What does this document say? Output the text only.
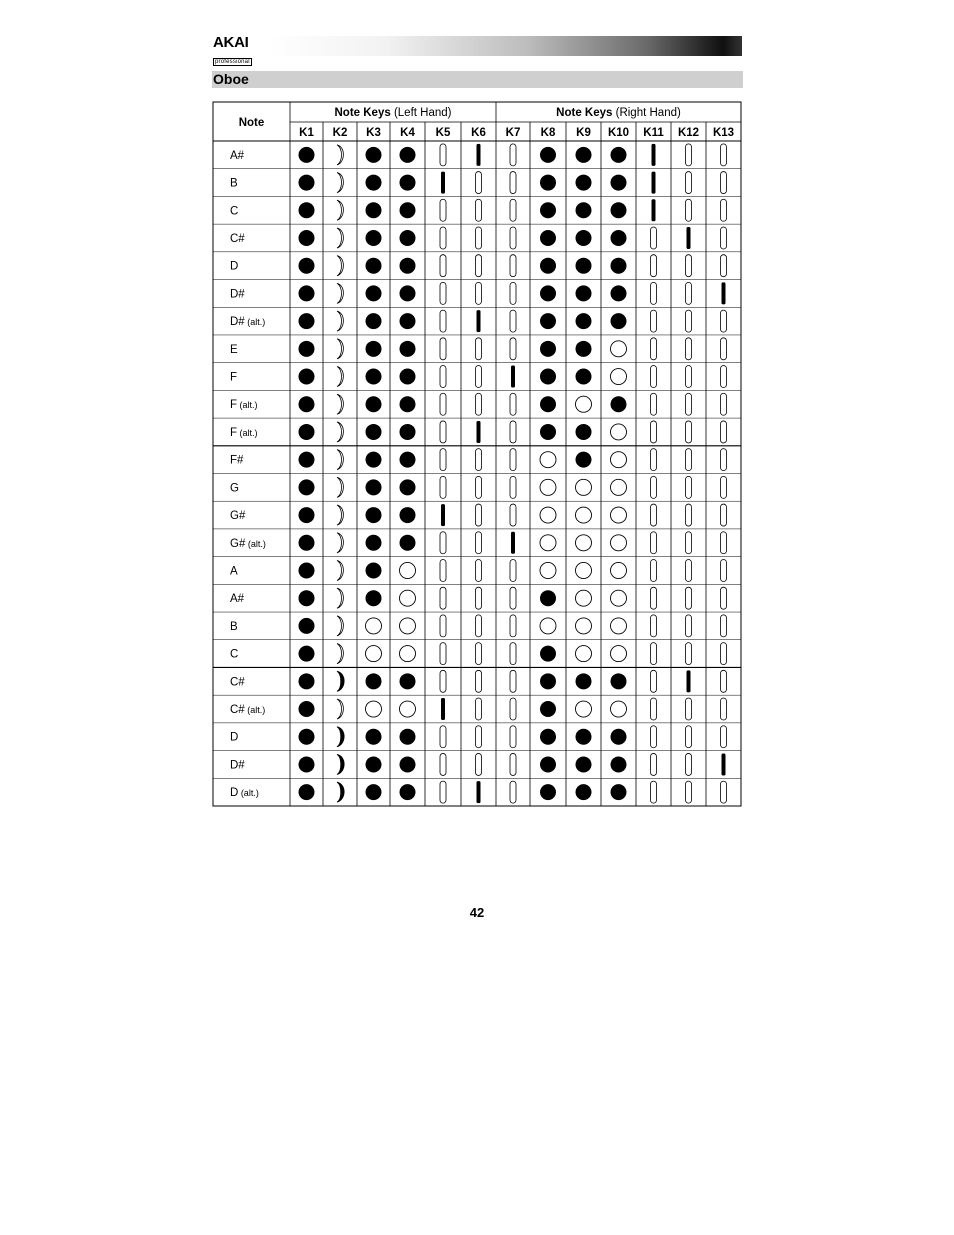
AKAI
professional
Oboe
Note
Note Keys (Left Hand)	Note Keys (Right Hand)
K1 K2 K3 K4 K5 K6 K7 K8 K9 K10 K11 K12 K13
A#
B
C
C#
D
D#
D# (alt.)
E
F
F (alt.)
F (alt.)
F#
G
G#
G# (alt.)
A
A#
B
C
C#
C# (alt.)
D
D#
D (alt.)
42
